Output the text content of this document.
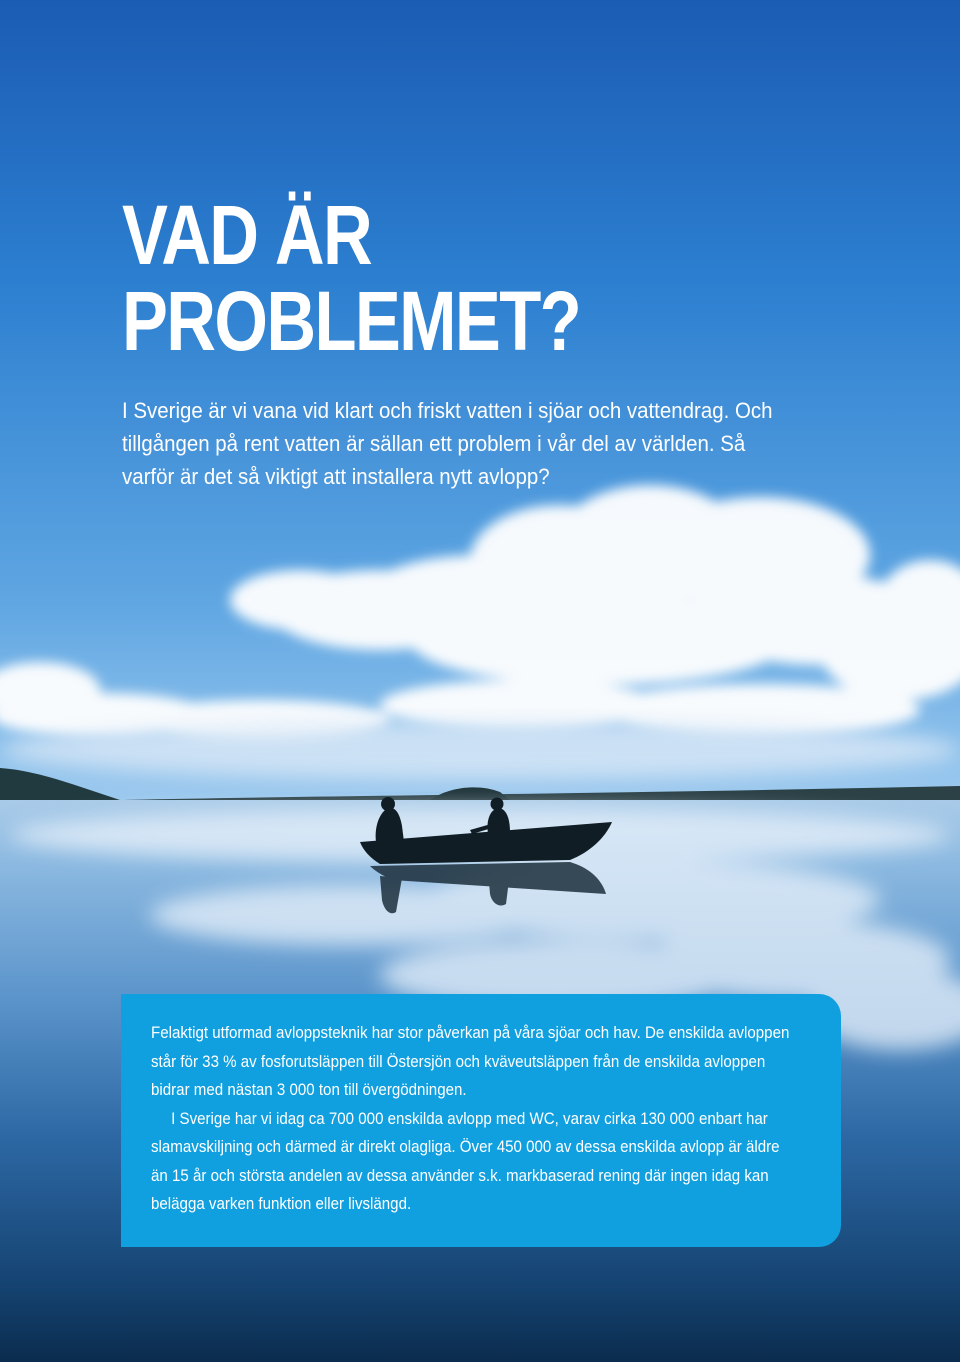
VAD ÄR
PROBLEMET?

I Sverige är vi vana vid klart och friskt vatten i sjöar och vattendrag. Och tillgången på rent vatten är sällan ett problem i vår del av världen. Så varför är det så viktigt att installera nytt avlopp?

Felaktigt utformad avloppsteknik har stor påverkan på våra sjöar och hav. De enskilda avloppen står för 33 % av fosforutsläppen till Östersjön och kväveutsläppen från de enskilda avloppen bidrar med nästan 3 000 ton till övergödningen.

I Sverige har vi idag ca 700 000 enskilda avlopp med WC, varav cirka 130 000 enbart har slamavskiljning och därmed är direkt olagliga. Över 450 000 av dessa enskilda avlopp är äldre än 15 år och största andelen av dessa använder s.k. markbaserad rening där ingen idag kan belägga varken funktion eller livslängd.
